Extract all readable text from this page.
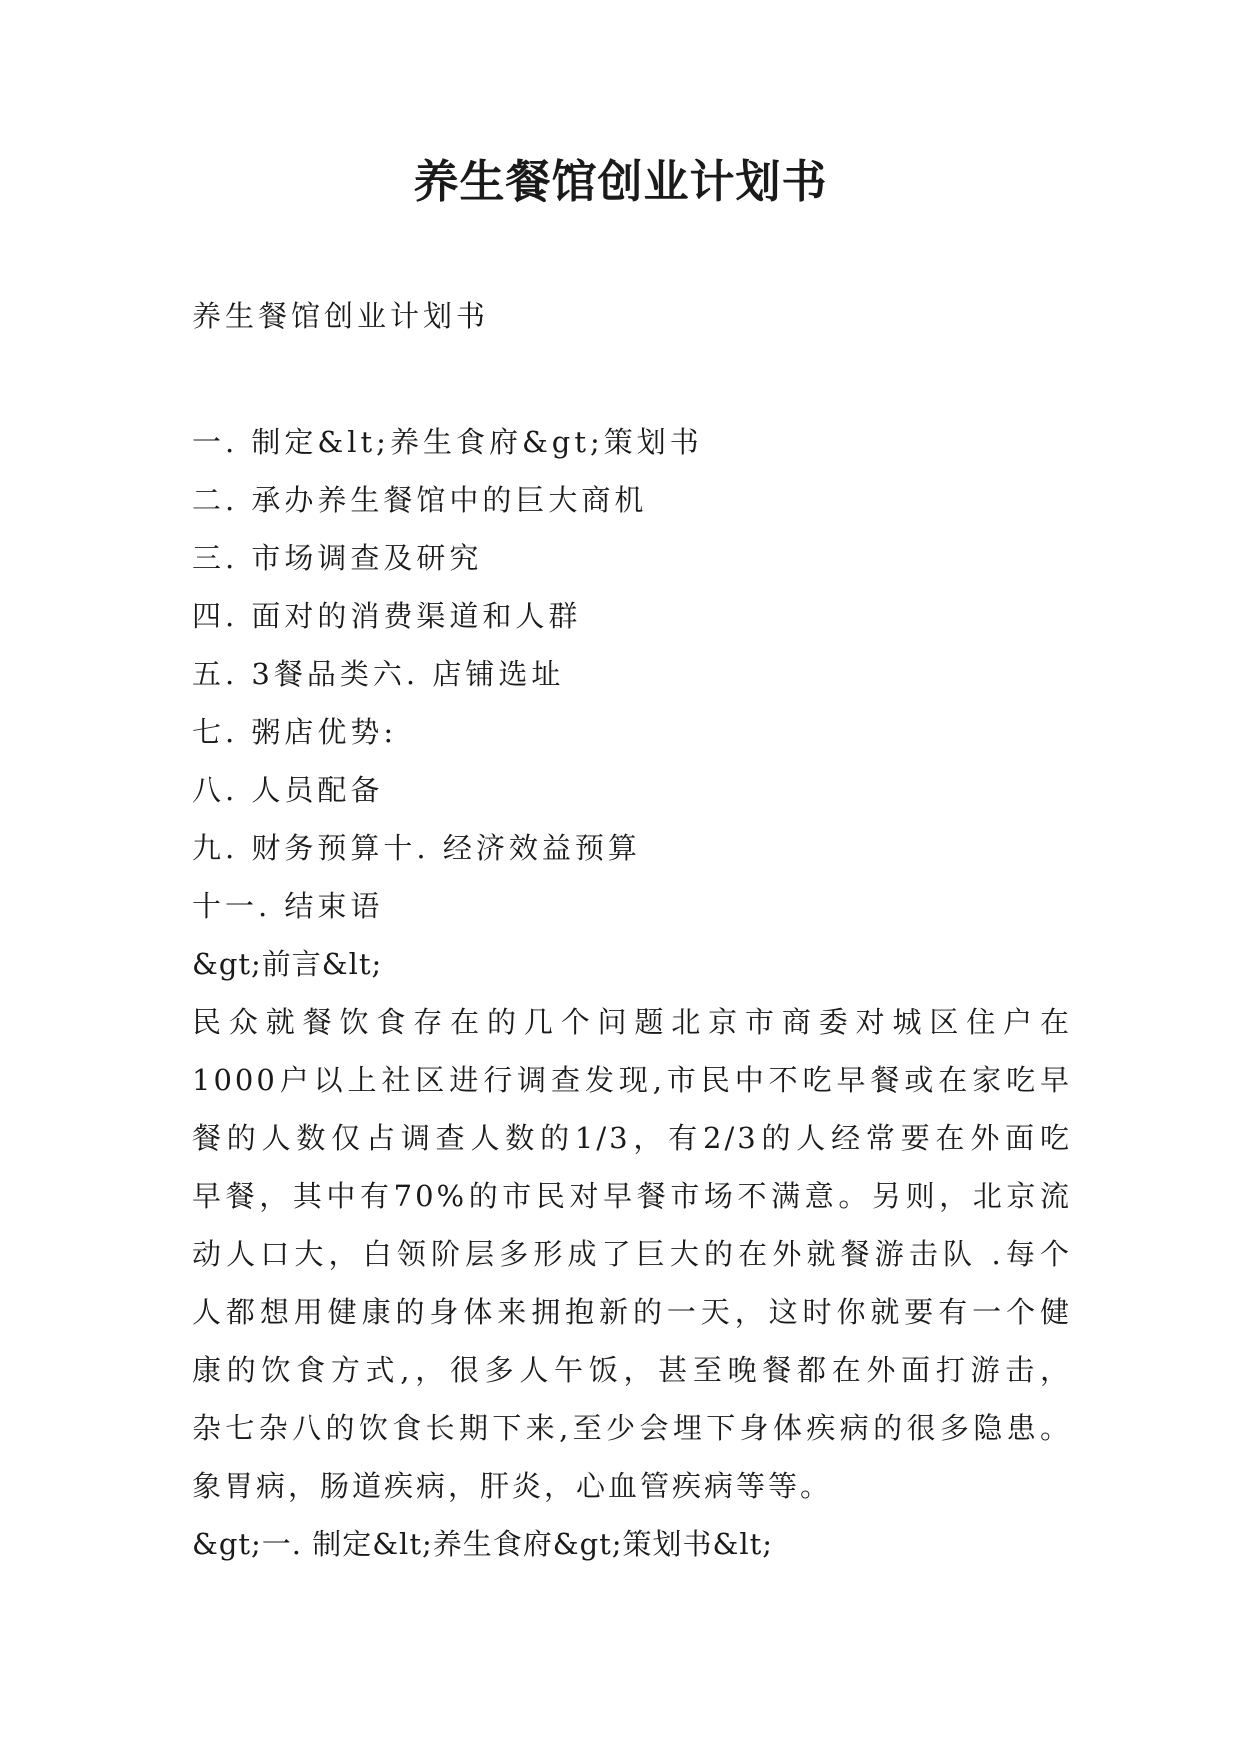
养生餐馆创业计划书
养生餐馆创业计划书
一. 制定&lt;养生食府&gt;策划书
二. 承办养生餐馆中的巨大商机
三. 市场调查及研究
四. 面对的消费渠道和人群
五. 3餐品类六. 店铺选址
七. 粥店优势:
八. 人员配备
九. 财务预算十. 经济效益预算
十一. 结束语
&gt;前言&lt;

民众就餐饮食存在的几个问题北京市商委对城区住户在
1000户以上社区进行调查发现,市民中不吃早餐或在家吃早
餐的人数仅占调查人数的1/3，有2/3的人经常要在外面吃
早餐，其中有70%的市民对早餐市场不满意。另则，北京流
动人口大，白领阶层多形成了巨大的在外就餐游击队 .每个
人都想用健康的身体来拥抱新的一天，这时你就要有一个健
康的饮食方式,，很多人午饭，甚至晚餐都在外面打游击，
杂七杂八的饮食长期下来,至少会埋下身体疾病的很多隐患。
象胃病，肠道疾病，肝炎，心血管疾病等等。

&gt;一. 制定&lt;养生食府&gt;策划书&lt;
